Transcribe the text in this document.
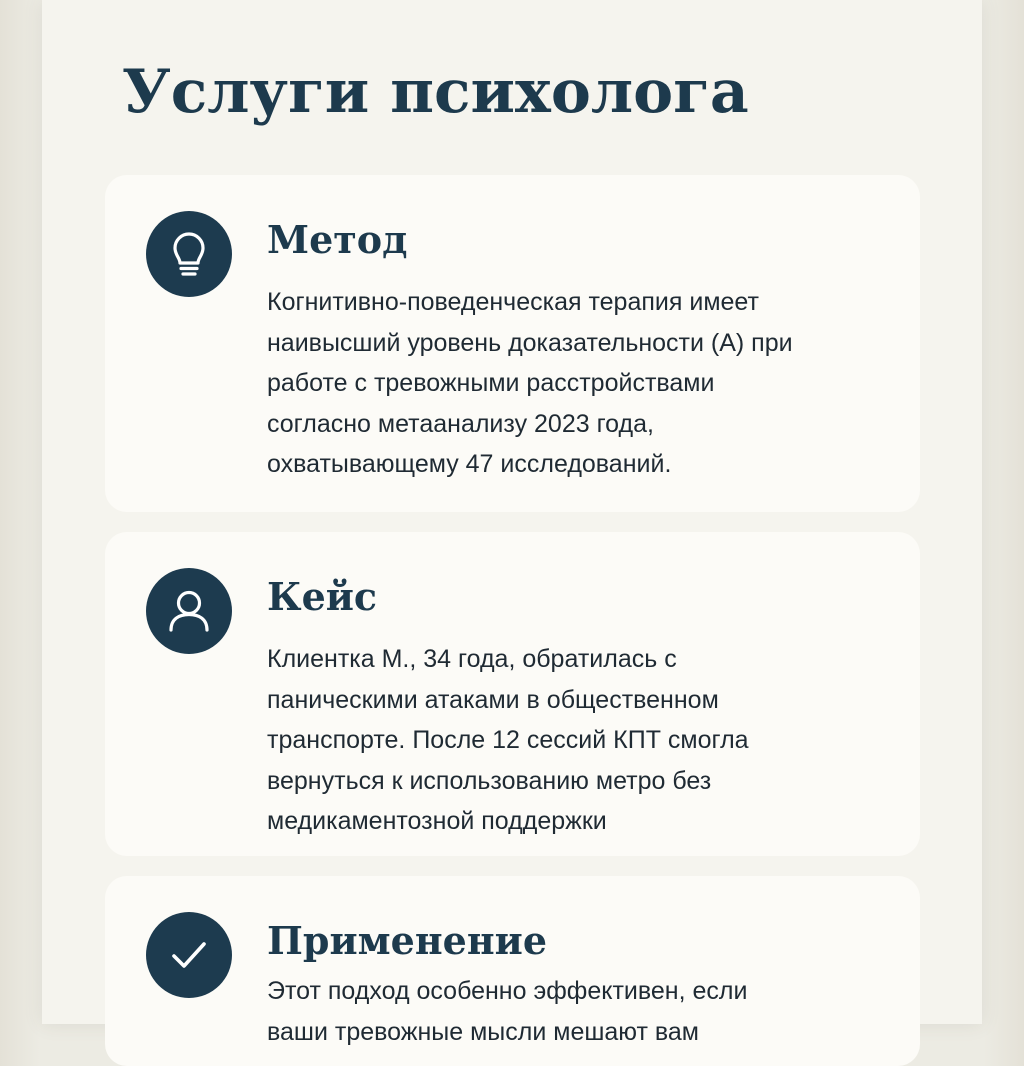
Услуги психолога
Метод

Когнитивно-поведенческая терапия имеет
наивысший уровень доказательности (А) при
работе с тревожными расстройствами
согласно метаанализу 2023 года,
охватывающему 47 исследований.

Кейс

Клиентка М., 34 года, обратилась с
паническими атаками в общественном
транспорте. После 12 сессий КПТ смогла
вернуться к использованию метро без
медикаментозной поддержки

Применение

Этот подход особенно эффективен, если
ваши тревожные мысли мешают вам
